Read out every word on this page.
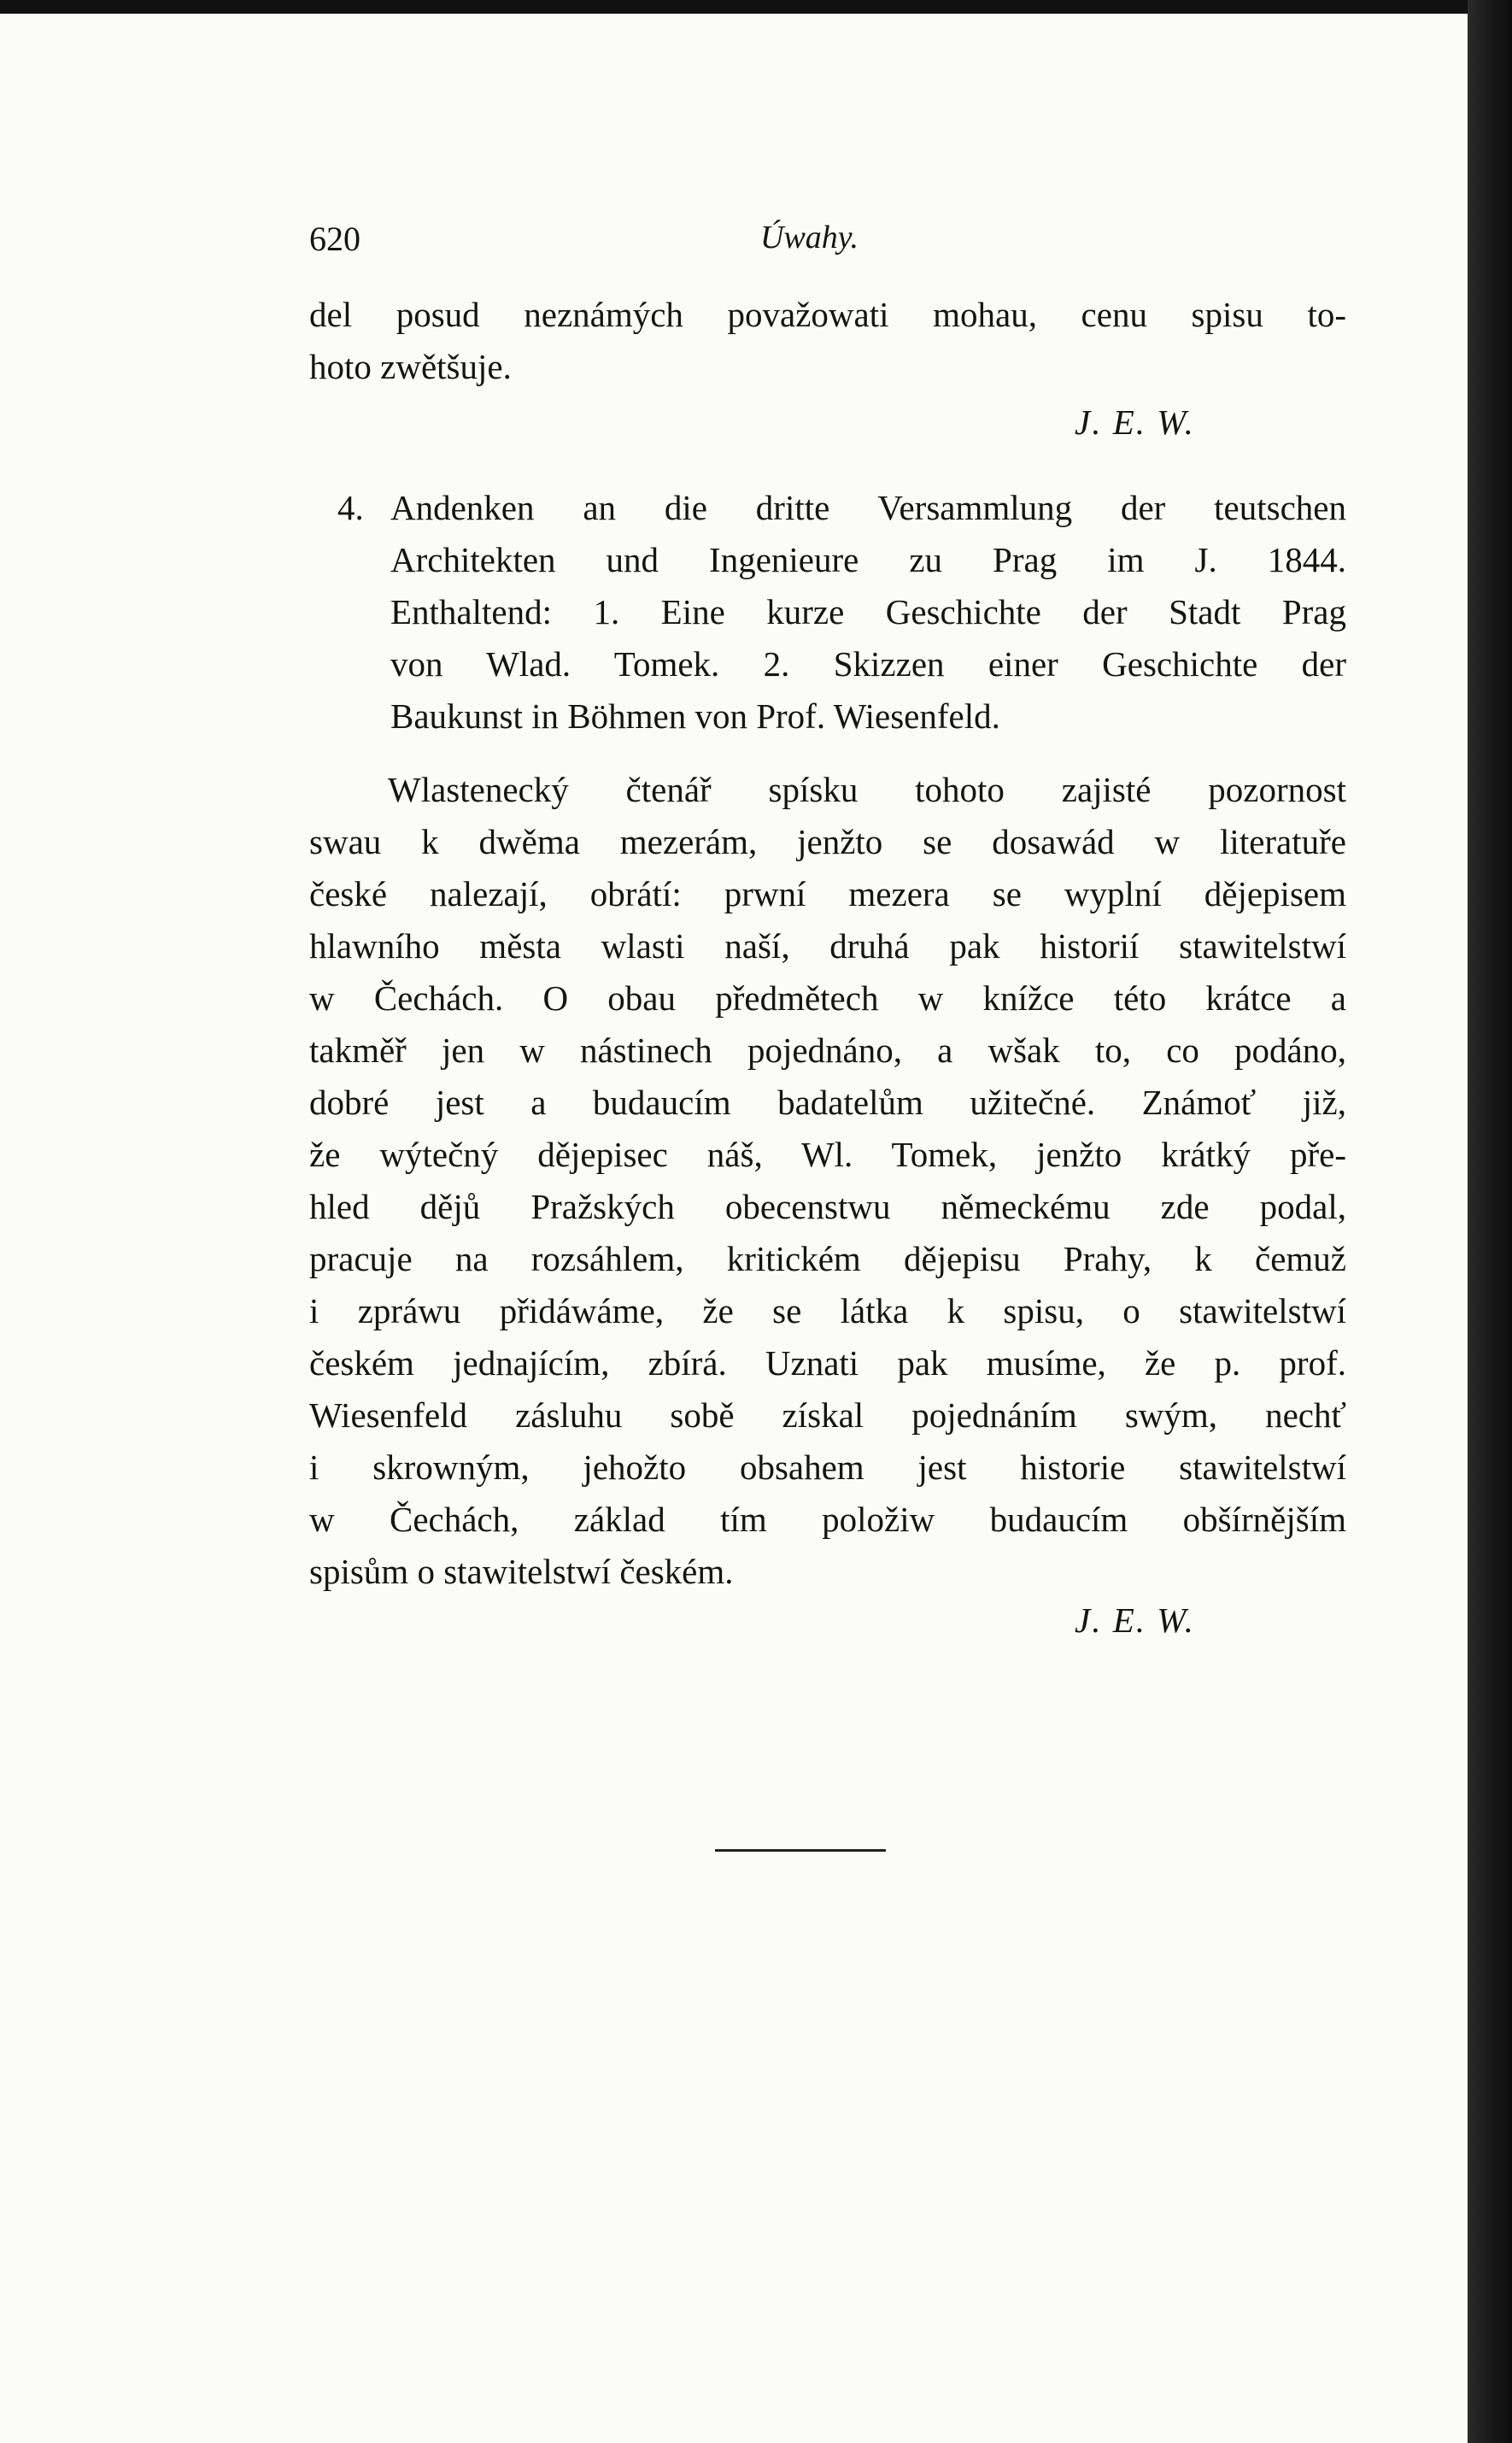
620	Úwahy.
del posud neznámých považowati mohau, cenu spisu to-
hoto zwětšuje.
J. E. W.
4. Andenken an die dritte Versammlung der teutschen
Architekten und Ingenieure zu Prag im J. 1844.
Enthaltend: 1. Eine kurze Geschichte der Stadt Prag
von Wlad. Tomek. 2. Skizzen einer Geschichte der
Baukunst in Böhmen von Prof. Wiesenfeld.
Wlastenecký čtenář spísku tohoto zajisté pozornost
swau k dwěma mezerám, jenžto se dosawád w literatuře
české nalezají, obrátí: prwní mezera se wyplní dějepisem
hlawního města wlasti naší, druhá pak historií stawitelstwí
w Čechách. O obau předmětech w knížce této krátce a
takměř jen w nástinech pojednáno, a wšak to, co podáno,
dobré jest a budaucím badatelům užitečné. Známoť již,
že wýtečný dějepisec náš, Wl. Tomek, jenžto krátký pře-
hled dějů Pražských obecenstwu německému zde podal,
pracuje na rozsáhlem, kritickém dějepisu Prahy, k čemuž
i zpráwu přidáwáme, že se látka k spisu, o stawitelstwí
českém jednajícím, zbírá. Uznati pak musíme, že p. prof.
Wiesenfeld zásluhu sobě získal pojednáním swým, nechť
i skrowným, jehožto obsahem jest historie stawitelstwí
w Čechách, základ tím položiw budaucím obšírnějším
spisům o stawitelstwí českém.
J. E. W.
